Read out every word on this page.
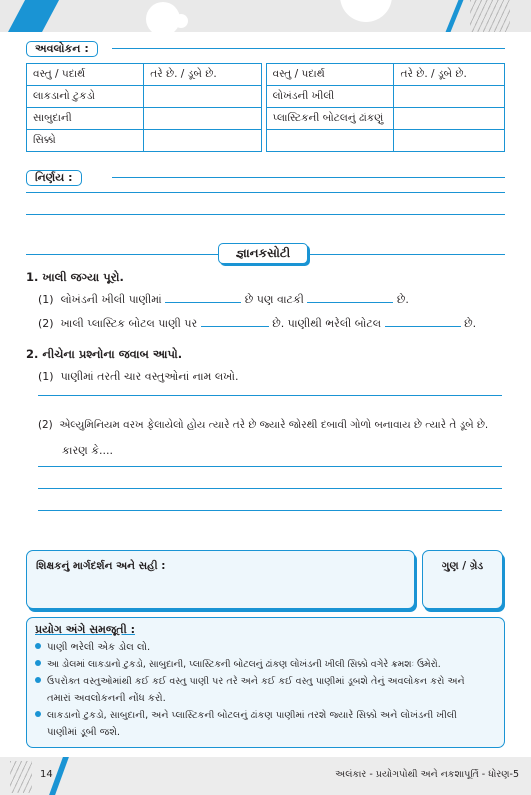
અવલોકન :
વસ્તુ / પદાર્થ	તરે છે. / ડૂબે છે.		વસ્તુ / પદાર્થ	તરે છે. / ડૂબે છે.
લાકડાનો ટુકડો			લોખંડની ખીલી	
સાબુદાની			પ્લાસ્ટિકની બોટલનું ઢાંકણું	
સિક્કો				
નિર્ણય :
જ્ઞાનકસોટી
1. ખાલી જગ્યા પૂરો.
(1) લોખંડની ખીલી પાણીમાં	છે પણ વાટકી	છે.
(2) ખાલી પ્લાસ્ટિક બોટલ પાણી પર	છે. પાણીથી ભરેલી બોટલ	છે.
2. નીચેના પ્રશ્નોના જવાબ આપો.
(1) પાણીમાં તરતી ચાર વસ્તુઓનાં નામ લખો.
(2) એલ્યુમિનિયમ વરખ ફેલાયેલો હોય ત્યારે તરે છે જ્યારે જોરથી દબાવી ગોળો બનાવાય છે ત્યારે તે ડૂબે છે.
કારણ કે....
શિક્ષકનું માર્ગદર્શન અને સહી :	ગુણ / ગ્રેડ
પ્રયોગ અંગે સમજૂતી :
પાણી ભરેલી એક ડોલ લો.
આ ડોલમાં લાકડાનો ટુકડો, સાબુદાની, પ્લાસ્ટિકની બોટલનું ઢાંકણ લોખંડની ખીલી સિક્કો વગેરે ક્રમશઃ ઉમેરો.
ઉપરોક્ત વસ્તુઓમાંથી કઈ કઈ વસ્તુ પાણી પર તરે અને કઈ કઈ વસ્તુ પાણીમાં ડૂબશે તેનું અવલોકન કરો અને
તમારાં અવલોકનની નોંધ કરો.
લાકડાનો ટુકડો, સાબુદાની, અને પ્લાસ્ટિકની બોટલનું ઢાંકણ પાણીમાં તરશે જ્યારે સિક્કો અને લોખંડની ખીલી
પાણીમાં ડૂબી જશે.
14	અલંકાર - પ્રયોગપોથી અને નકશાપૂર્તિ - ધોરણ-5
